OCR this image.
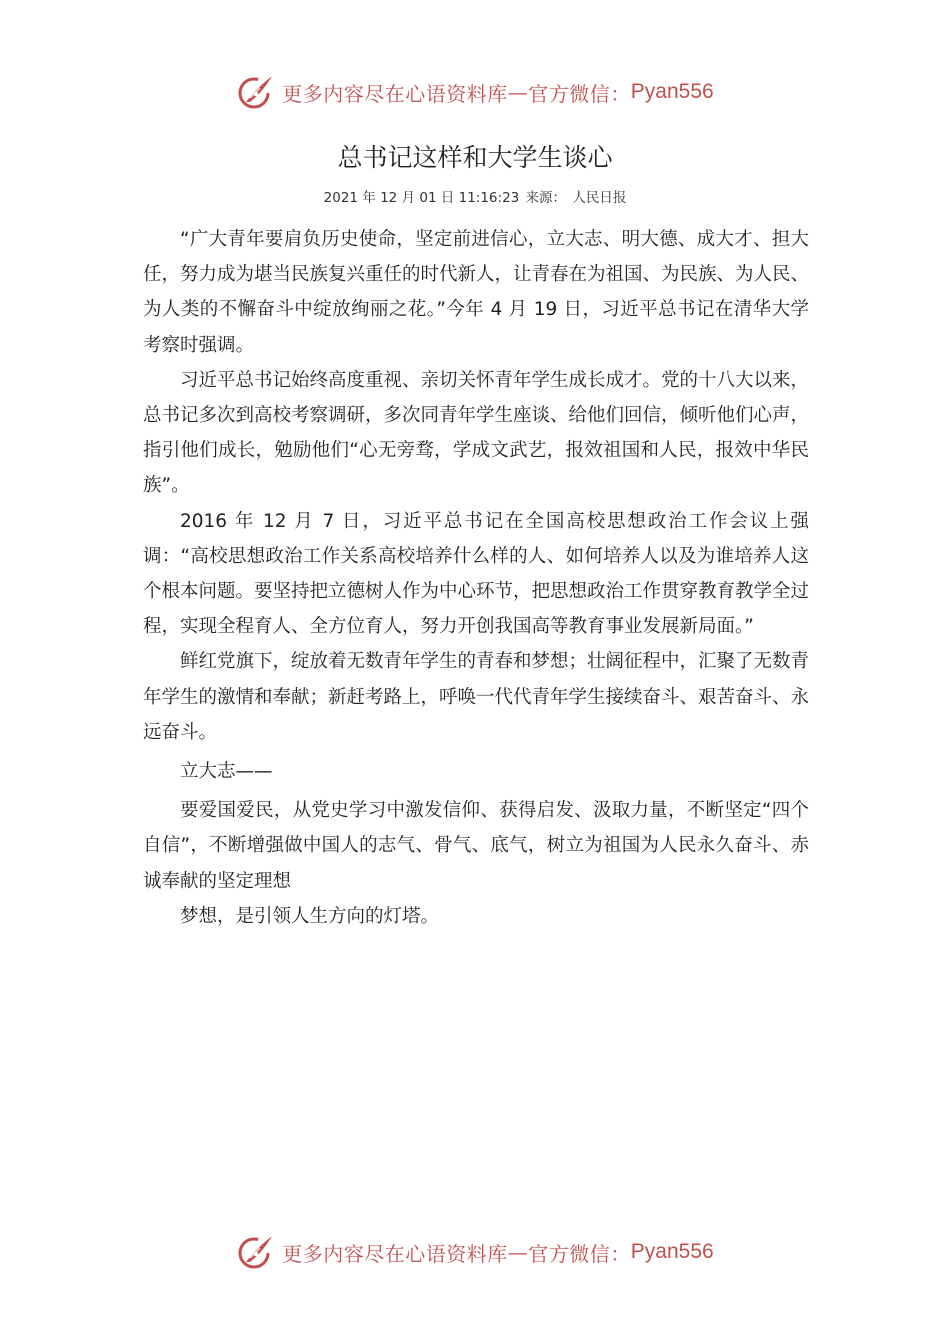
更多内容尽在心语资料库 — 官方微信： Pyan556
总书记这样和大学生谈心
2021 年 12 月 01 日 11:16:23 来源： 人民日报

“广大青年要肩负历史使命，坚定前进信心，立大志、明大德、成大才、担大任，努力成为堪当民族复兴重任的时代新人，让青春在为祖国、为民族、为人民、为人类的不懈奋斗中绽放绚丽之花。”今年 4 月 19 日，习近平总书记在清华大学考察时强调。

习近平总书记始终高度重视、亲切关怀青年学生成长成才。党的十八大以来，总书记多次到高校考察调研，多次同青年学生座谈、给他们回信，倾听他们心声，指引他们成长，勉励他们“心无旁骛，学成文武艺，报效祖国和人民，报效中华民族”。

2016 年 12 月 7 日，习近平总书记在全国高校思想政治工作会议上强调：“高校思想政治工作关系高校培养什么样的人、如何培养人以及为谁培养人这个根本问题。要坚持把立德树人作为中心环节，把思想政治工作贯穿教育教学全过程，实现全程育人、全方位育人，努力开创我国高等教育事业发展新局面。”

鲜红党旗下，绽放着无数青年学生的青春和梦想；壮阔征程中，汇聚了无数青年学生的激情和奉献；新赶考路上，呼唤一代代青年学生接续奋斗、艰苦奋斗、永远奋斗。

立大志——

要爱国爱民，从党史学习中激发信仰、获得启发、汲取力量，不断坚定“四个自信”，不断增强做中国人的志气、骨气、底气，树立为祖国为人民永久奋斗、赤诚奉献的坚定理想

梦想，是引领人生方向的灯塔。

更多内容尽在心语资料库 — 官方微信： Pyan556
